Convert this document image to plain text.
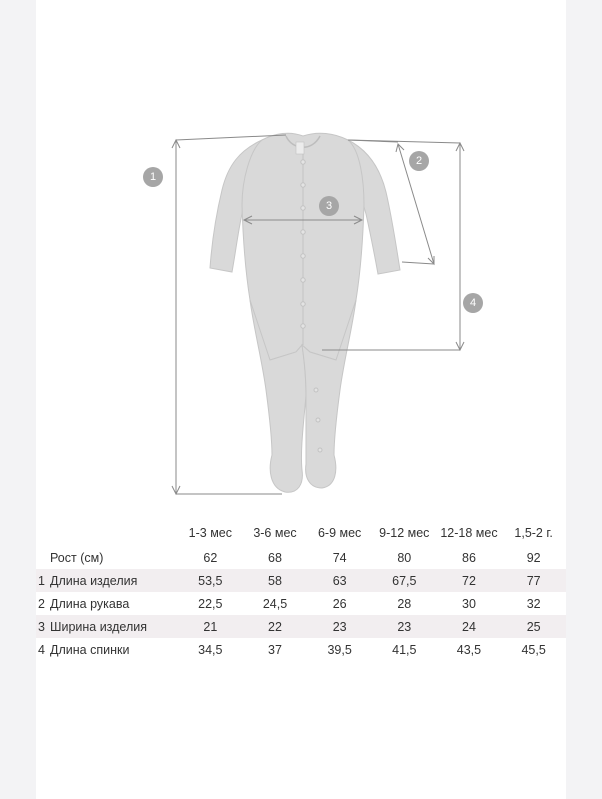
1
2
3
4
		1-3 мес	3-6 мес	6-9 мес	9-12 мес	12-18 мес	1,5-2 г.
	Рост (см)	62	68	74	80	86	92
1	Длина изделия	53,5	58	63	67,5	72	77
2	Длина рукава	22,5	24,5	26	28	30	32
3	Ширина изделия	21	22	23	23	24	25
4	Длина спинки	34,5	37	39,5	41,5	43,5	45,5
